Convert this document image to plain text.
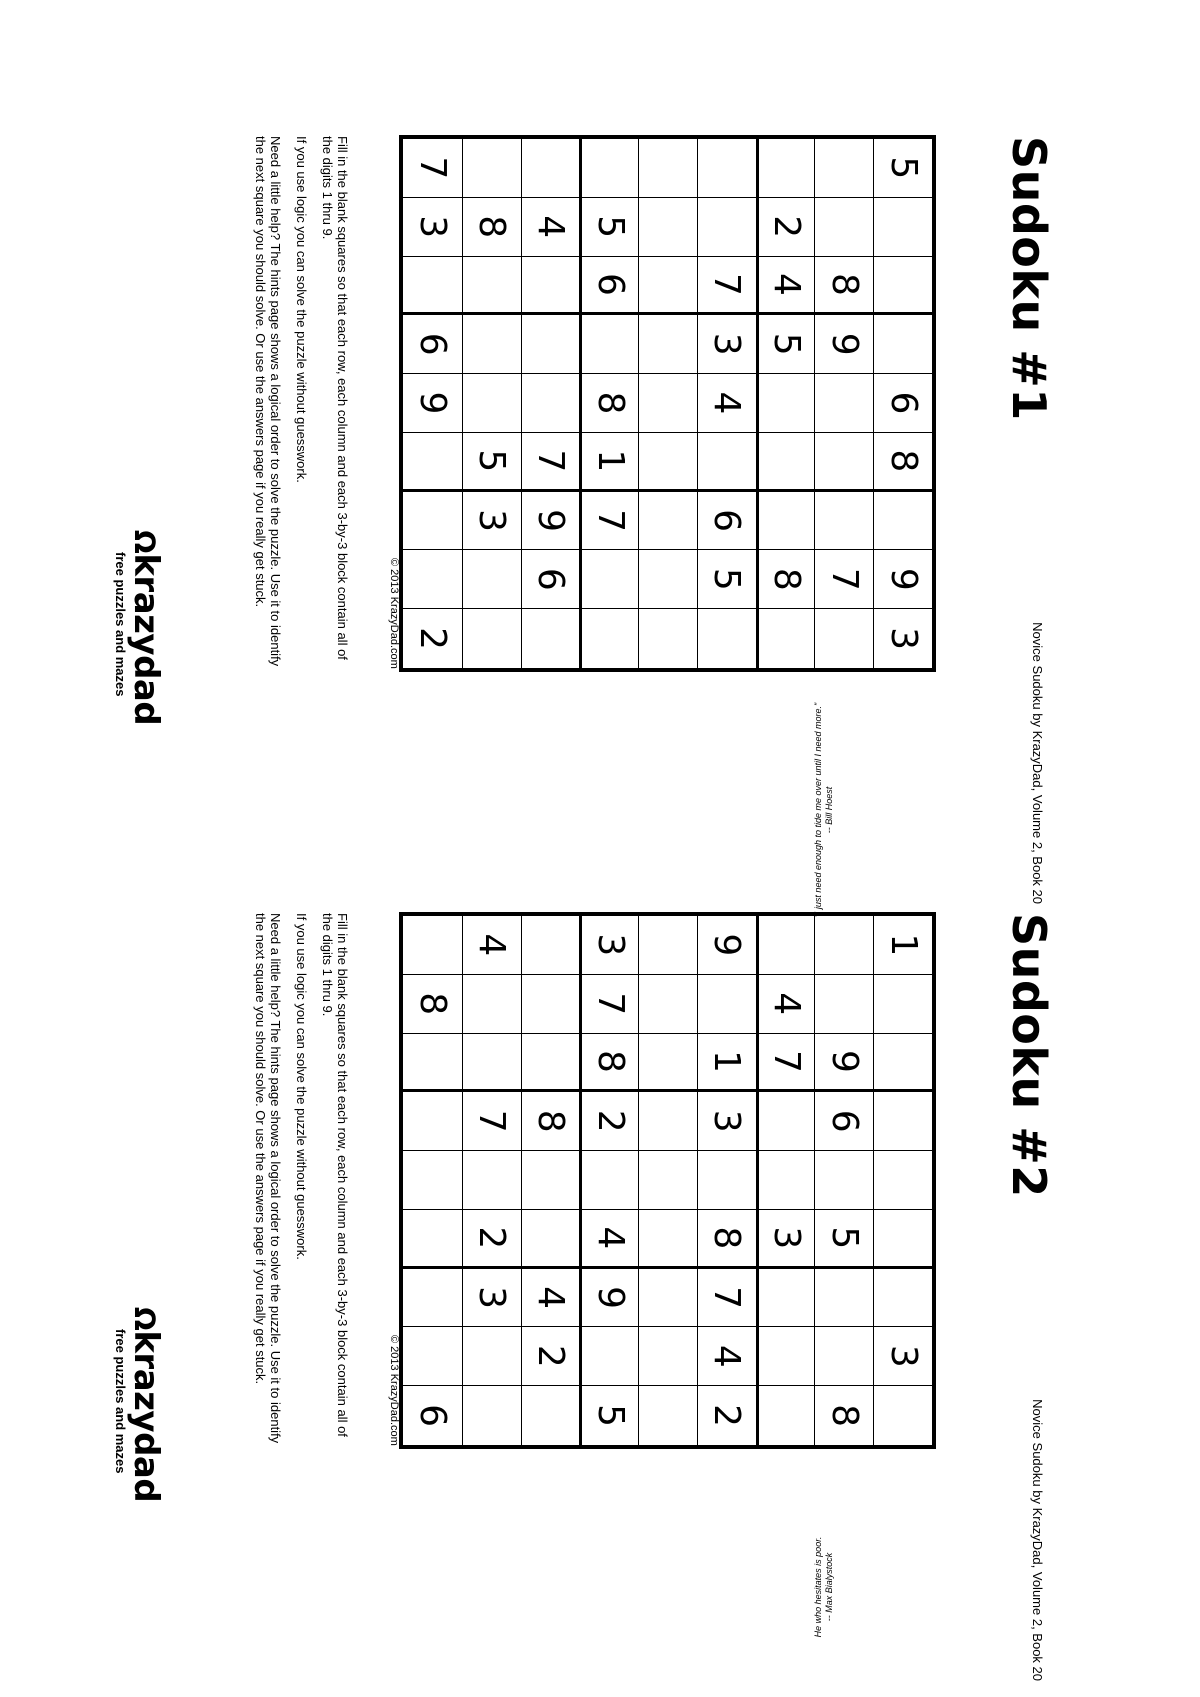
Novice Sudoku by KrazyDad, Volume 2, Book 20
Sudoku #1
5
6
8
9
3
8
9
7
2
4
5
8
7
3
4
6
5
5
6
8
1
7
4
7
9
6
8
5
3
7
3
6
9
2
© 2013 KrazyDad.com

Fill in the blank squares so that each row, each column and each 3-by-3 block contain all of the digits 1 thru 9.

If you use logic you can solve the puzzle without guesswork.

Need a little help? The hints page shows a logical order to solve the puzzle. Use it to identify the next square you should solve. Or use the answers page if you really get stuck.

"I just need enough to tide me over until I need more." -- Bill Hoest
Ωkrazydad
free puzzles and mazes
Novice Sudoku by KrazyDad, Volume 2, Book 20
Sudoku #2
1
3
9
6
5
8
4
7
3
9
1
3
8
7
4
2
3
7
8
2
4
9
5
8
4
2
4
7
2
3
8
6
© 2013 KrazyDad.com

Fill in the blank squares so that each row, each column and each 3-by-3 block contain all of the digits 1 thru 9.

If you use logic you can solve the puzzle without guesswork.

Need a little help? The hints page shows a logical order to solve the puzzle. Use it to identify the next square you should solve. Or use the answers page if you really get stuck.

He who hesitates is poor. -- Max Bialystock
Ωkrazydad
free puzzles and mazes
